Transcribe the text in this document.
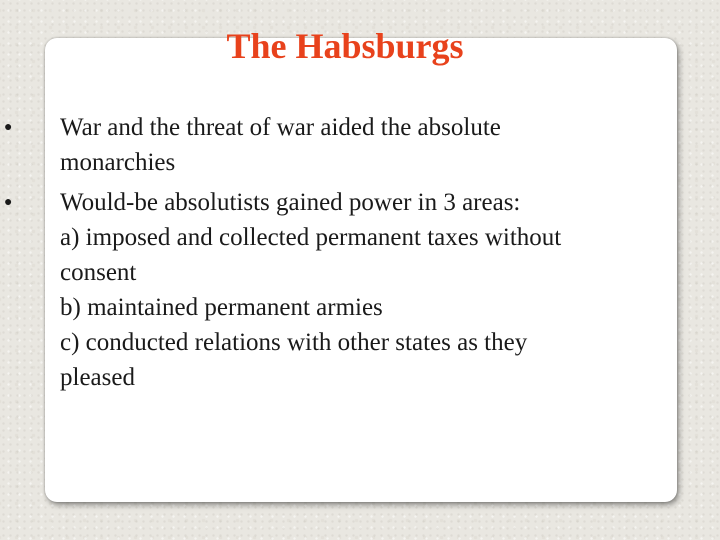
The Habsburgs
●	War and the threat of war aided the absolute
monarchies
●	Would-be absolutists gained power in 3 areas:
a) imposed and collected permanent taxes without
consent
b) maintained permanent armies
c) conducted relations with other states as they
pleased
